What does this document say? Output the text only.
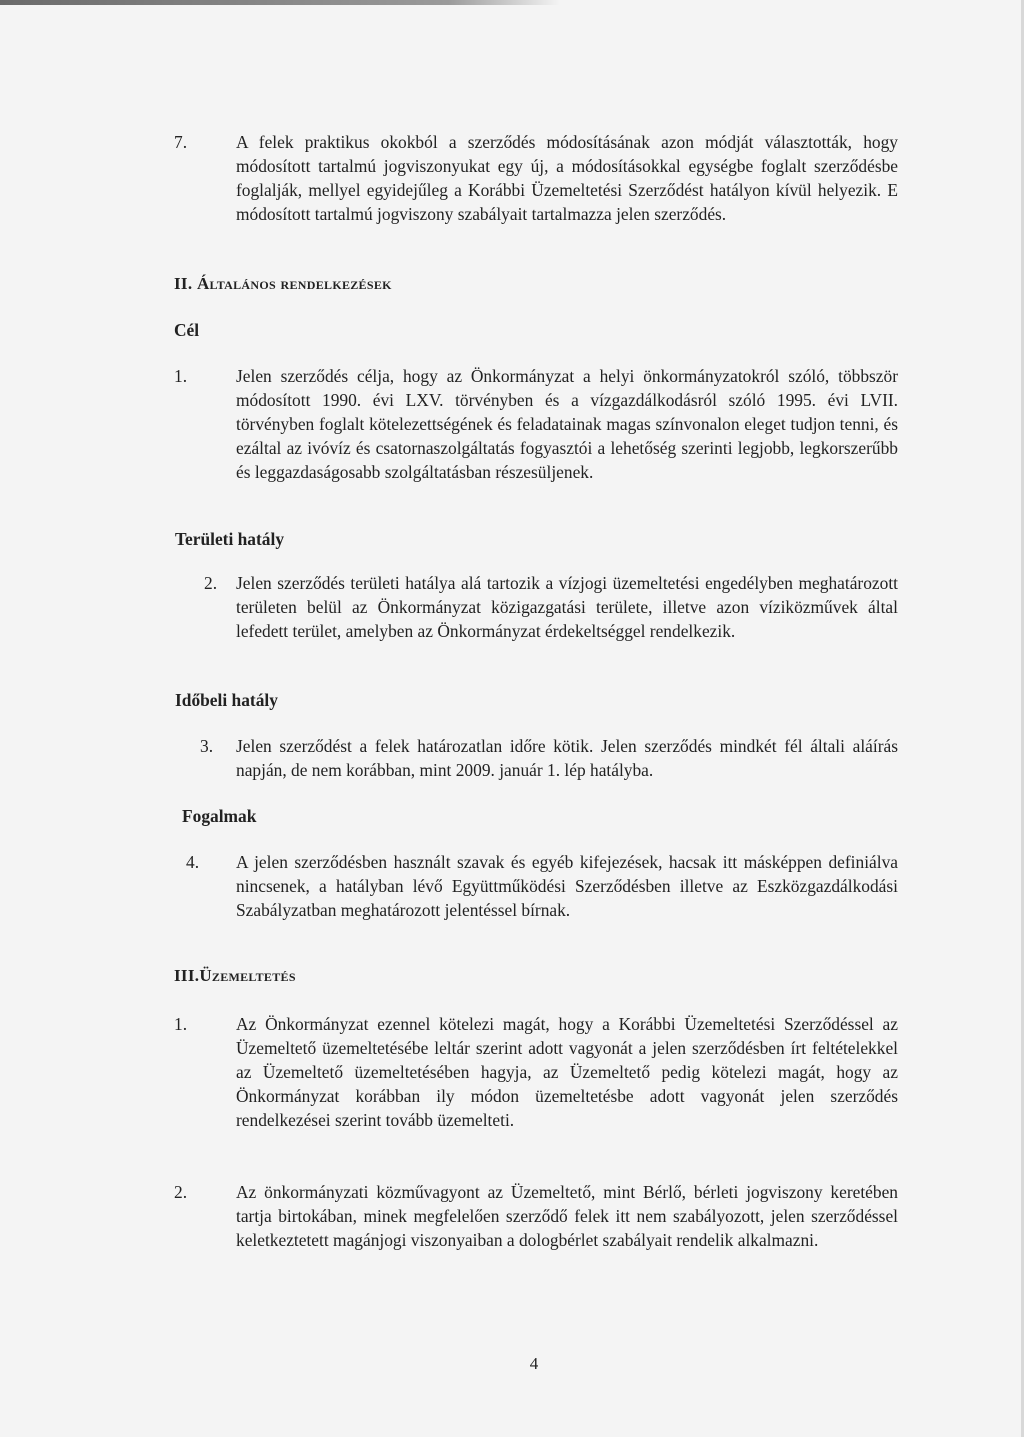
7.	A felek praktikus okokból a szerződés módosításának azon módját választották, hogy módosított tartalmú jogviszonyukat egy új, a módosításokkal egységbe foglalt szerződésbe foglalják, mellyel egyidejűleg a Korábbi Üzemeltetési Szerződést hatályon kívül helyezik. E módosított tartalmú jogviszony szabályait tartalmazza jelen szerződés.
II. Általános rendelkezések
Cél
1.	Jelen szerződés célja, hogy az Önkormányzat a helyi önkormányzatokról szóló, többször módosított 1990. évi LXV. törvényben és a vízgazdálkodásról szóló 1995. évi LVII. törvényben foglalt kötelezettségének és feladatainak magas színvonalon eleget tudjon tenni, és ezáltal az ivóvíz és csatornaszolgáltatás fogyasztói a lehetőség szerinti legjobb, legkorszerűbb és leggazdaságosabb szolgáltatásban részesüljenek.
Területi hatály
2. Jelen szerződés területi hatálya alá tartozik a vízjogi üzemeltetési engedélyben meghatározott területen belül az Önkormányzat közigazgatási területe, illetve azon víziközművek által lefedett terület, amelyben az Önkormányzat érdekeltséggel rendelkezik.
Időbeli hatály
3. Jelen szerződést a felek határozatlan időre kötik. Jelen szerződés mindkét fél általi aláírás napján, de nem korábban, mint 2009. január 1. lép hatályba.
Fogalmak
4. A jelen szerződésben használt szavak és egyéb kifejezések, hacsak itt másképpen definiálva nincsenek, a hatályban lévő Együttműködési Szerződésben illetve az Eszközgazdálkodási Szabályzatban meghatározott jelentéssel bírnak.
III.Üzemeltetés
1.	Az Önkormányzat ezennel kötelezi magát, hogy a Korábbi Üzemeltetési Szerződéssel az Üzemeltető üzemeltetésébe leltár szerint adott vagyonát a jelen szerződésben írt feltételekkel az Üzemeltető üzemeltetésében hagyja, az Üzemeltető pedig kötelezi magát, hogy az Önkormányzat korábban ily módon üzemeltetésbe adott vagyonát jelen szerződés rendelkezései szerint tovább üzemelteti.
2.	Az önkormányzati közművagyont az Üzemeltető, mint Bérlő, bérleti jogviszony keretében tartja birtokában, minek megfelelően szerződő felek itt nem szabályozott, jelen szerződéssel keletkeztetett magánjogi viszonyaiban a dologbérlet szabályait rendelik alkalmazni.
4
